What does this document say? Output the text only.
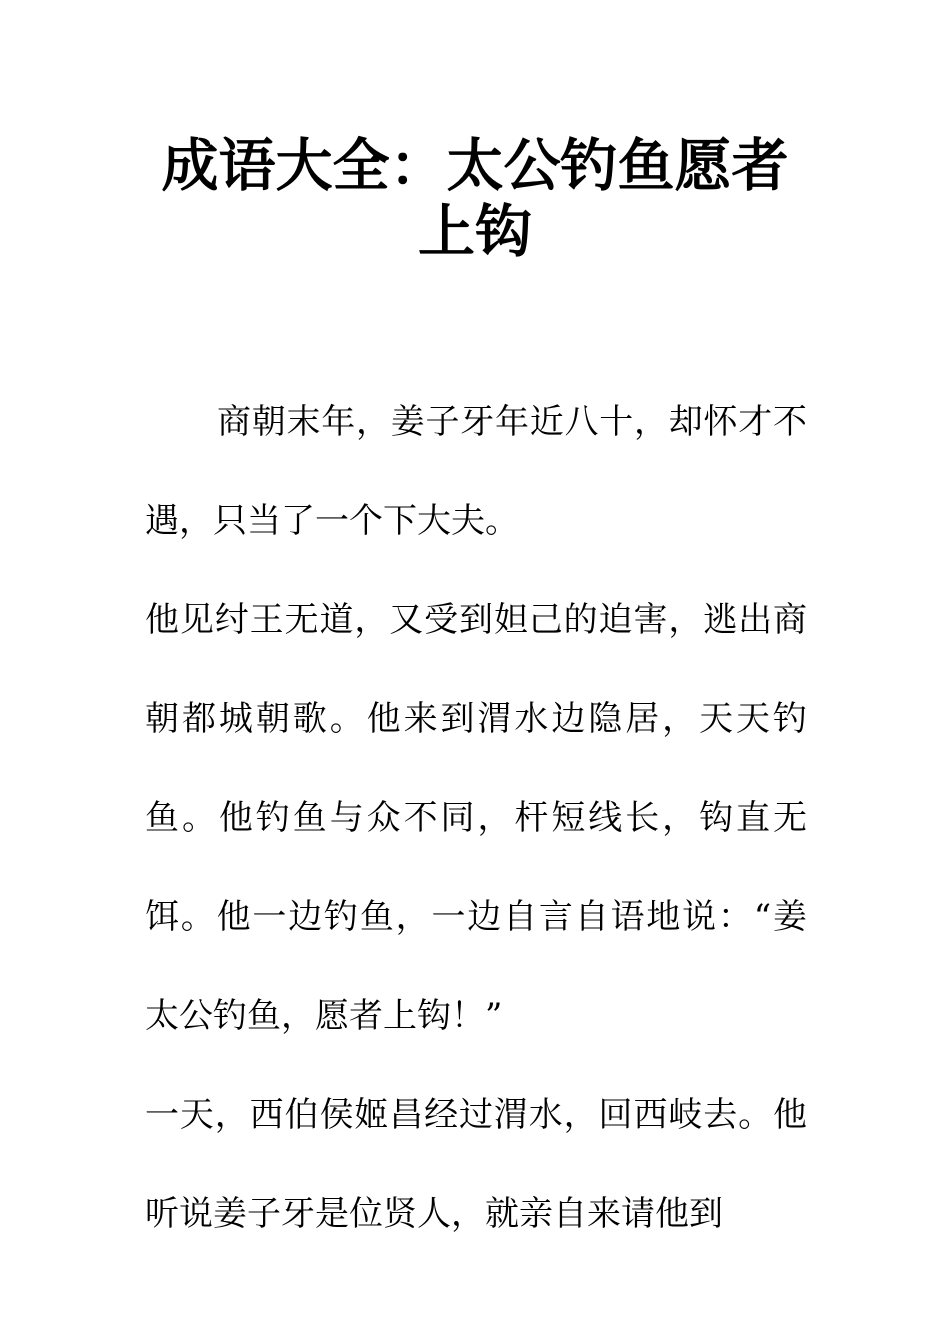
成语大全：太公钓鱼愿者上钩

商朝末年，姜子牙年近八十，却怀才不遇，只当了一个下大夫。

他见纣王无道，又受到妲己的迫害，逃出商朝都城朝歌。他来到渭水边隐居，天天钓鱼。他钓鱼与众不同，杆短线长，钩直无饵。他一边钓鱼，一边自言自语地说：“姜太公钓鱼，愿者上钩！”

一天，西伯侯姬昌经过渭水，回西岐去。他听说姜子牙是位贤人，就亲自来请他到
